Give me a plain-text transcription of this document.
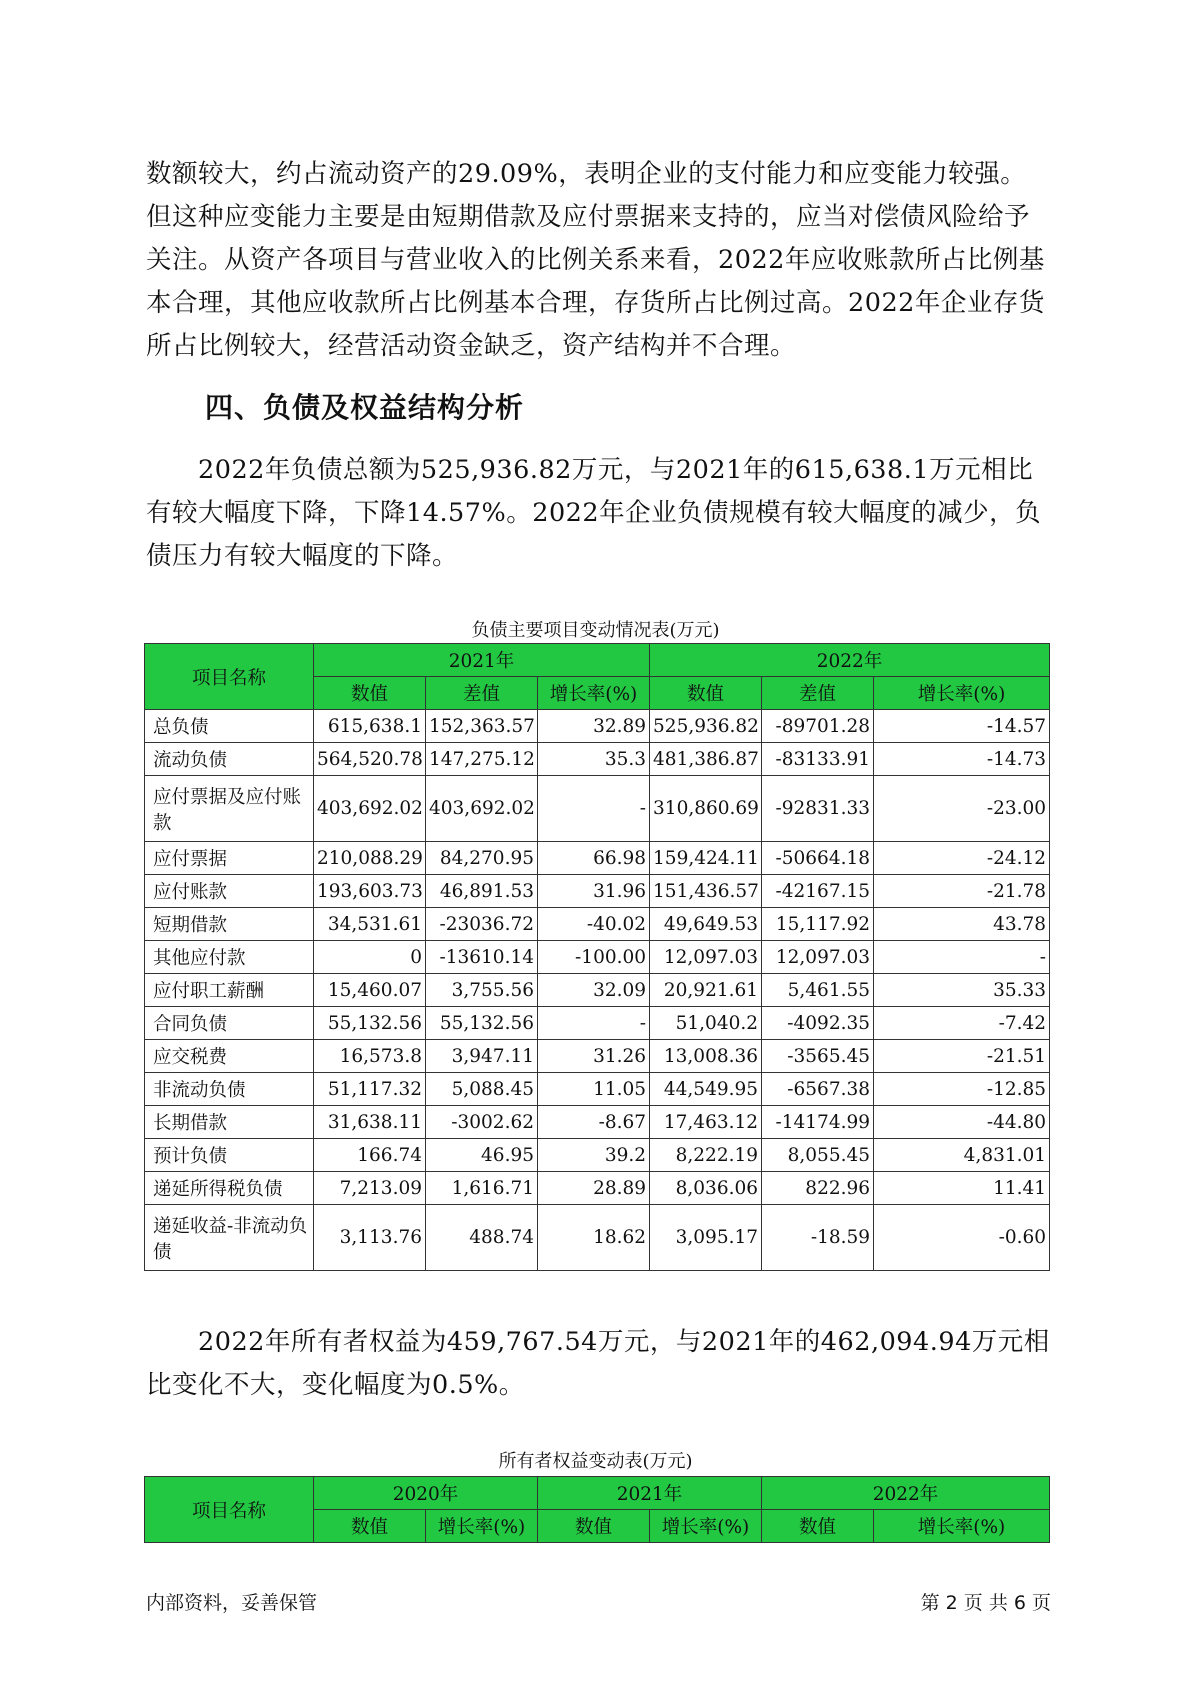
数额较大，约占流动资产的29.09%，表明企业的支付能力和应变能力较强。但这种应变能力主要是由短期借款及应付票据来支持的，应当对偿债风险给予关注。从资产各项目与营业收入的比例关系来看，2022年应收账款所占比例基本合理，其他应收款所占比例基本合理，存货所占比例过高。2022年企业存货所占比例较大，经营活动资金缺乏，资产结构并不合理。

四、负债及权益结构分析

2022年负债总额为525,936.82万元，与2021年的615,638.1万元相比有较大幅度下降，下降14.57%。2022年企业负债规模有较大幅度的减少，负债压力有较大幅度的下降。

负债主要项目变动情况表(万元)

项目名称	2021年			2022年		
	数值	差值	增长率(%)	数值	差值	增长率(%)
总负债	615,638.1	152,363.57	32.89	525,936.82	-89701.28	-14.57
流动负债	564,520.78	147,275.12	35.3	481,386.87	-83133.91	-14.73
应付票据及应付账款	403,692.02	403,692.02	-	310,860.69	-92831.33	-23.00
应付票据	210,088.29	84,270.95	66.98	159,424.11	-50664.18	-24.12
应付账款	193,603.73	46,891.53	31.96	151,436.57	-42167.15	-21.78
短期借款	34,531.61	-23036.72	-40.02	49,649.53	15,117.92	43.78
其他应付款	0	-13610.14	-100.00	12,097.03	12,097.03	-
应付职工薪酬	15,460.07	3,755.56	32.09	20,921.61	5,461.55	35.33
合同负债	55,132.56	55,132.56	-	51,040.2	-4092.35	-7.42
应交税费	16,573.8	3,947.11	31.26	13,008.36	-3565.45	-21.51
非流动负债	51,117.32	5,088.45	11.05	44,549.95	-6567.38	-12.85
长期借款	31,638.11	-3002.62	-8.67	17,463.12	-14174.99	-44.80
预计负债	166.74	46.95	39.2	8,222.19	8,055.45	4,831.01
递延所得税负债	7,213.09	1,616.71	28.89	8,036.06	822.96	11.41
递延收益-非流动负债	3,113.76	488.74	18.62	3,095.17	-18.59	-0.60

2022年所有者权益为459,767.54万元，与2021年的462,094.94万元相比变化不大，变化幅度为0.5%。

所有者权益变动表(万元)

项目名称	2020年		2021年		2022年	
	数值	增长率(%)	数值	增长率(%)	数值	增长率(%)
内部资料，妥善保管	第 2 页 共 6 页
